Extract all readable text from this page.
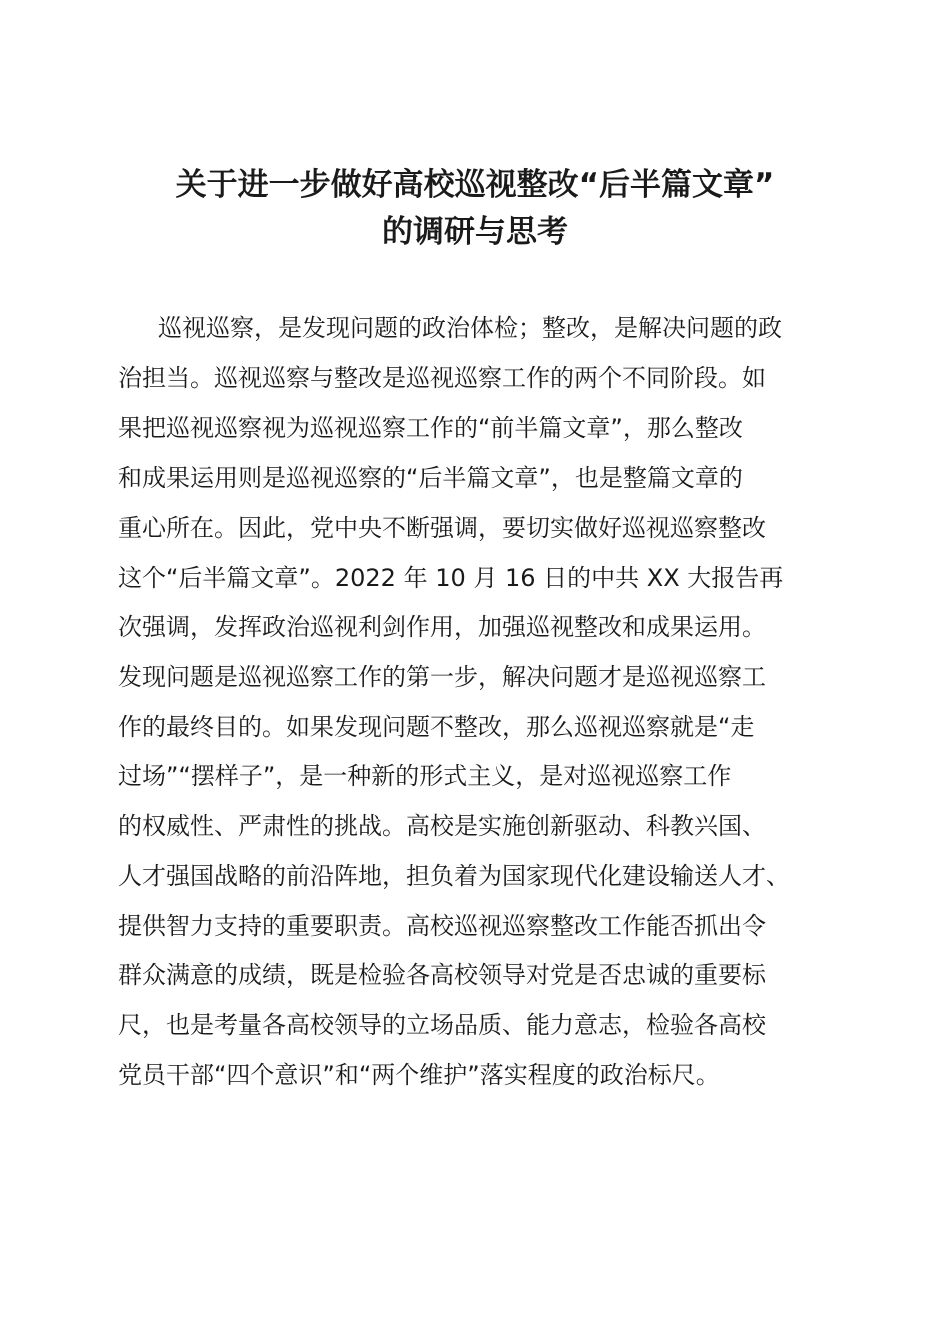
关于进一步做好高校巡视整改“后半篇文章”
的调研与思考

巡视巡察，是发现问题的政治体检；整改，是解决问题的政

治担当。巡视巡察与整改是巡视巡察工作的两个不同阶段。如

果把巡视巡察视为巡视巡察工作的“前半篇文章”，那么整改

和成果运用则是巡视巡察的“后半篇文章”，也是整篇文章的

重心所在。因此，党中央不断强调，要切实做好巡视巡察整改

这个“后半篇文章”。2022 年 10 月 16 日的中共 XX 大报告再

次强调，发挥政治巡视利剑作用，加强巡视整改和成果运用。

发现问题是巡视巡察工作的第一步，解决问题才是巡视巡察工

作的最终目的。如果发现问题不整改，那么巡视巡察就是“走

过场”“摆样子”，是一种新的形式主义，是对巡视巡察工作

的权威性、严肃性的挑战。高校是实施创新驱动、科教兴国、

人才强国战略的前沿阵地，担负着为国家现代化建设输送人才、

提供智力支持的重要职责。高校巡视巡察整改工作能否抓出令

群众满意的成绩，既是检验各高校领导对党是否忠诚的重要标

尺，也是考量各高校领导的立场品质、能力意志，检验各高校

党员干部“四个意识”和“两个维护”落实程度的政治标尺。
